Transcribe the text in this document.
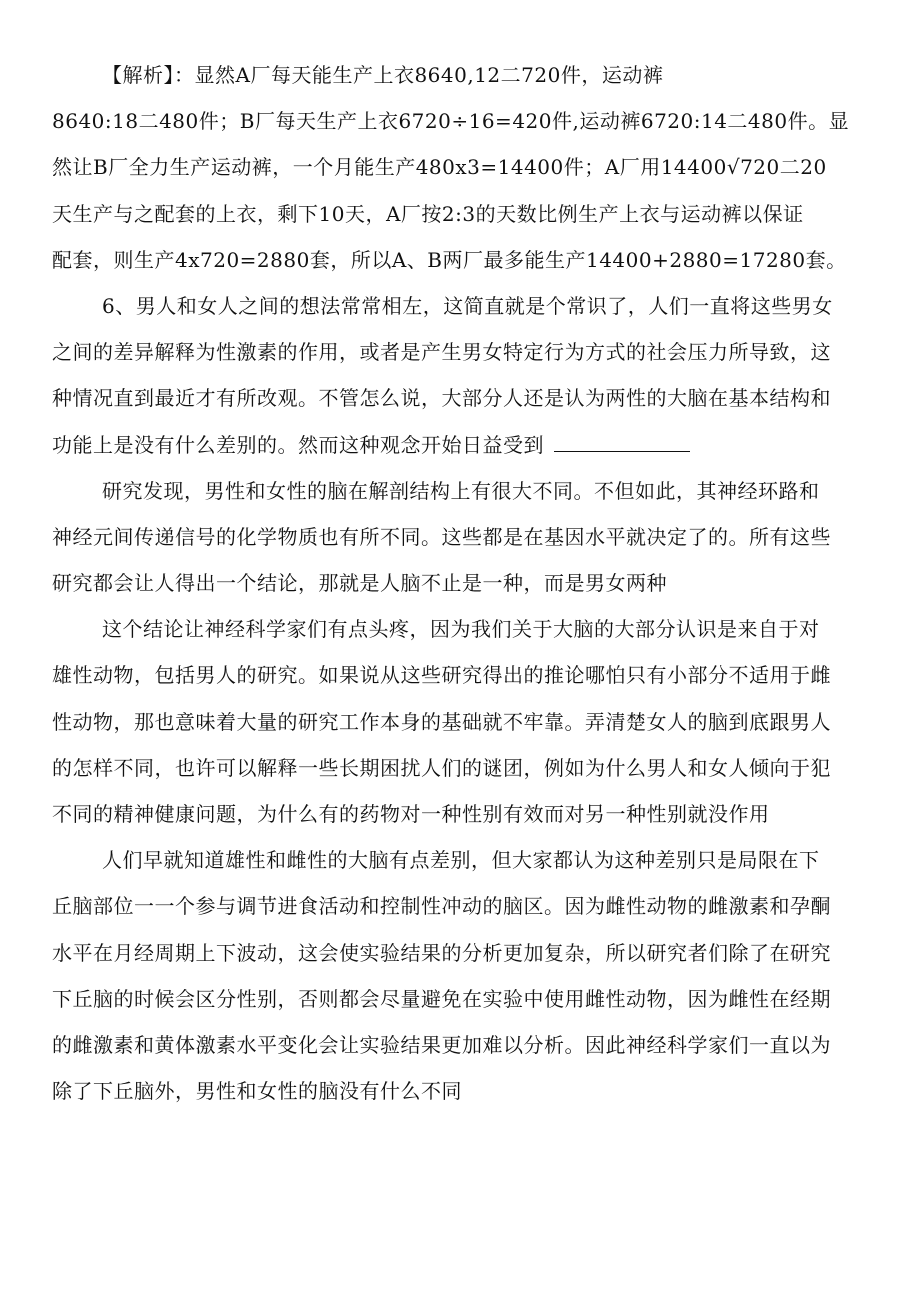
【解析】：显然A厂每天能生产上衣8640,12二720件，运动裤
8640:18二480件；B厂每天生产上衣6720÷16=420件,运动裤6720:14二480件。显
然让B厂全力生产运动裤，一个月能生产480x3=14400件；A厂用14400√720二20
天生产与之配套的上衣，剩下10天，A厂按2:3的天数比例生产上衣与运动裤以保证
配套，则生产4x720=2880套，所以A、B两厂最多能生产14400+2880=17280套。
6、男人和女人之间的想法常常相左，这简直就是个常识了，人们一直将这些男女
之间的差异解释为性激素的作用，或者是产生男女特定行为方式的社会压力所导致，这
种情况直到最近才有所改观。不管怎么说，大部分人还是认为两性的大脑在基本结构和
功能上是没有什么差别的。然而这种观念开始日益受到
研究发现，男性和女性的脑在解剖结构上有很大不同。不但如此，其神经环路和
神经元间传递信号的化学物质也有所不同。这些都是在基因水平就决定了的。所有这些
研究都会让人得出一个结论，那就是人脑不止是一种，而是男女两种
这个结论让神经科学家们有点头疼，因为我们关于大脑的大部分认识是来自于对
雄性动物，包括男人的研究。如果说从这些研究得出的推论哪怕只有小部分不适用于雌
性动物，那也意味着大量的研究工作本身的基础就不牢靠。弄清楚女人的脑到底跟男人
的怎样不同，也许可以解释一些长期困扰人们的谜团，例如为什么男人和女人倾向于犯
不同的精神健康问题，为什么有的药物对一种性别有效而对另一种性别就没作用
人们早就知道雄性和雌性的大脑有点差别，但大家都认为这种差别只是局限在下
丘脑部位一一个参与调节进食活动和控制性冲动的脑区。因为雌性动物的雌激素和孕酮
水平在月经周期上下波动，这会使实验结果的分析更加复杂，所以研究者们除了在研究
下丘脑的时候会区分性别，否则都会尽量避免在实验中使用雌性动物，因为雌性在经期
的雌激素和黄体激素水平变化会让实验结果更加难以分析。因此神经科学家们一直以为
除了下丘脑外，男性和女性的脑没有什么不同
